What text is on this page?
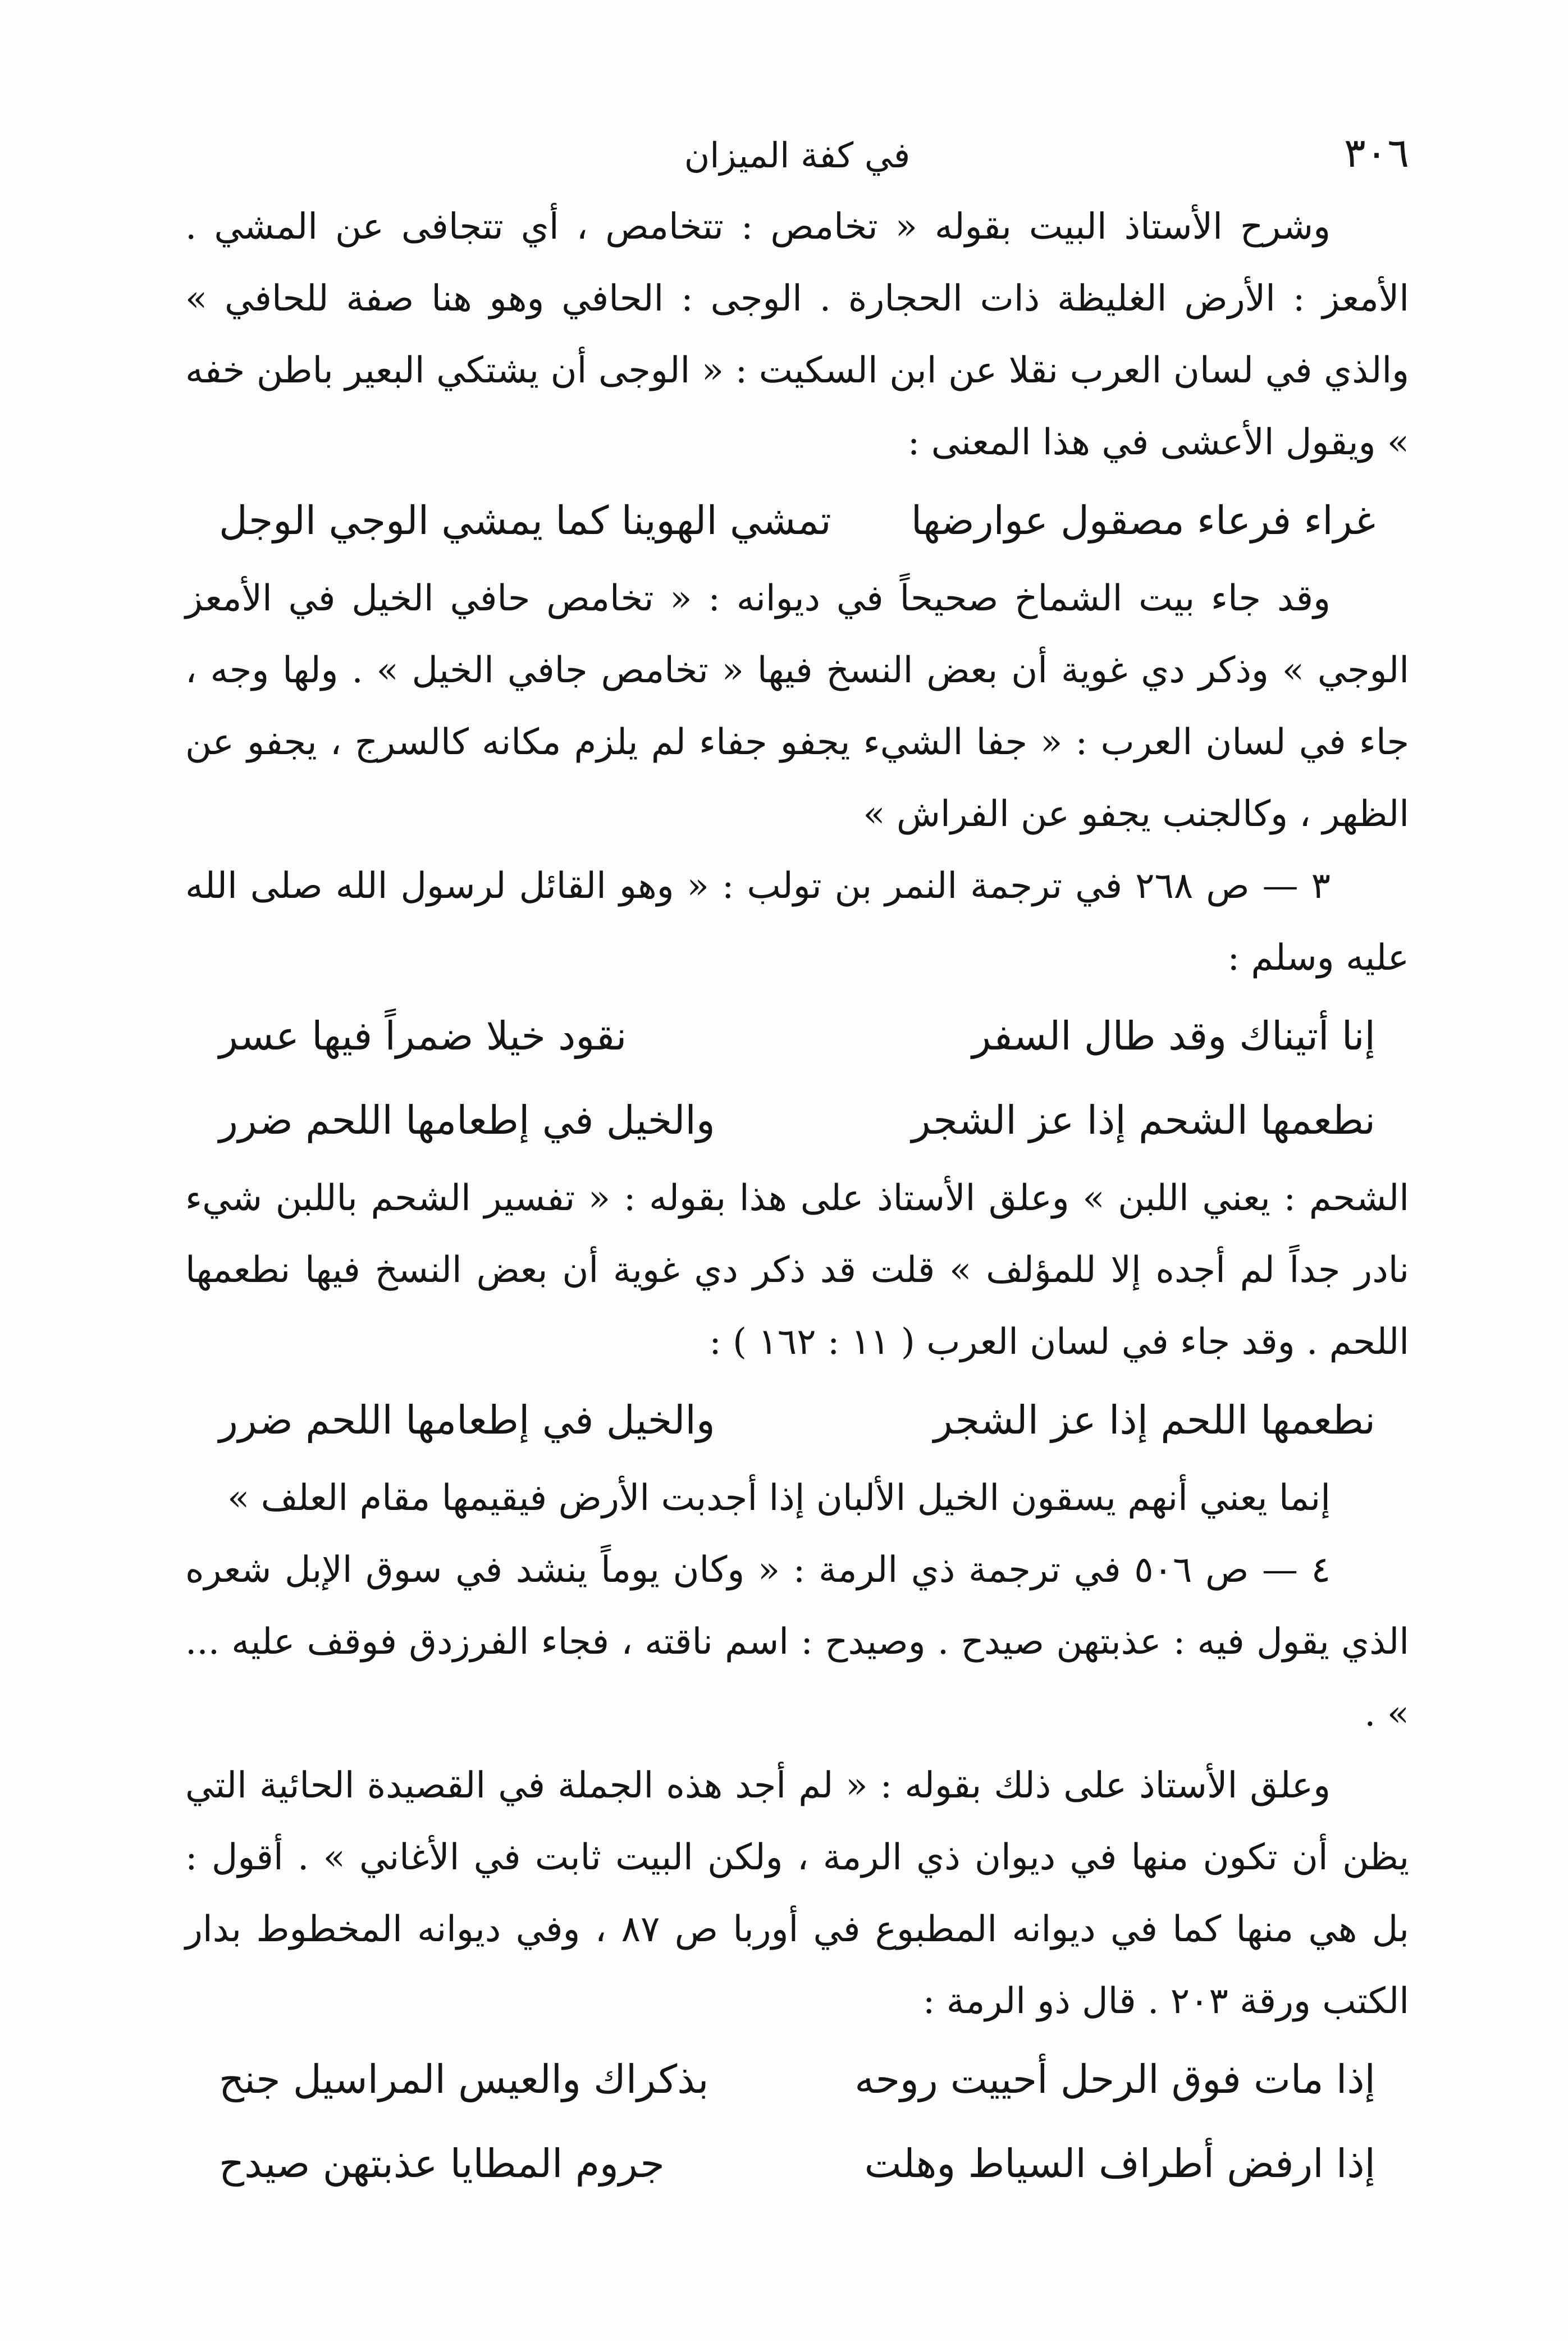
٣٠٦
في كفة الميزان

وشرح الأستاذ البيت بقوله « تخامص : تتخامص ، أي تتجافى عن المشي . الأمعز : الأرض الغليظة ذات الحجارة . الوجى : الحافي وهو هنا صفة للحافي » والذي في لسان العرب نقلا عن ابن السكيت : « الوجى أن يشتكي البعير باطن خفه » ويقول الأعشى في هذا المعنى :

غراء فرعاء مصقول عوارضها
تمشي الهوينا كما يمشي الوجي الوجل

وقد جاء بيت الشماخ صحيحاً في ديوانه : « تخامص حافي الخيل في الأمعز الوجي » وذكر دي غوية أن بعض النسخ فيها « تخامص جافي الخيل » . ولها وجه ، جاء في لسان العرب : « جفا الشيء يجفو جفاء لم يلزم مكانه كالسرج ، يجفو عن الظهر ، وكالجنب يجفو عن الفراش »

٣ — ص ٢٦٨ في ترجمة النمر بن تولب : « وهو القائل لرسول الله صلى الله عليه وسلم :

إنا أتيناك وقد طال السفر
نقود خيلا ضمراً فيها عسر
نطعمها الشحم إذا عز الشجر
والخيل في إطعامها اللحم ضرر

الشحم : يعني اللبن » وعلق الأستاذ على هذا بقوله : « تفسير الشحم باللبن شيء نادر جداً لم أجده إلا للمؤلف » قلت قد ذكر دي غوية أن بعض النسخ فيها نطعمها اللحم . وقد جاء في لسان العرب ( ١١ : ١٦٢ ) :

نطعمها اللحم إذا عز الشجر
والخيل في إطعامها اللحم ضرر
إنما يعني أنهم يسقون الخيل الألبان إذا أجدبت الأرض فيقيمها مقام العلف »

٤ — ص ٥٠٦ في ترجمة ذي الرمة : « وكان يوماً ينشد في سوق الإبل شعره الذي يقول فيه : عذبتهن صيدح . وصيدح : اسم ناقته ، فجاء الفرزدق فوقف عليه ... » .

وعلق الأستاذ على ذلك بقوله : « لم أجد هذه الجملة في القصيدة الحائية التي يظن أن تكون منها في ديوان ذي الرمة ، ولكن البيت ثابت في الأغاني » . أقول : بل هي منها كما في ديوانه المطبوع في أوربا ص ٨٧ ، وفي ديوانه المخطوط بدار الكتب ورقة ٢٠٣ . قال ذو الرمة :

إذا مات فوق الرحل أحييت روحه
بذكراك والعيس المراسيل جنح
إذا ارفض أطراف السياط وهلت
جروم المطايا عذبتهن صيدح
